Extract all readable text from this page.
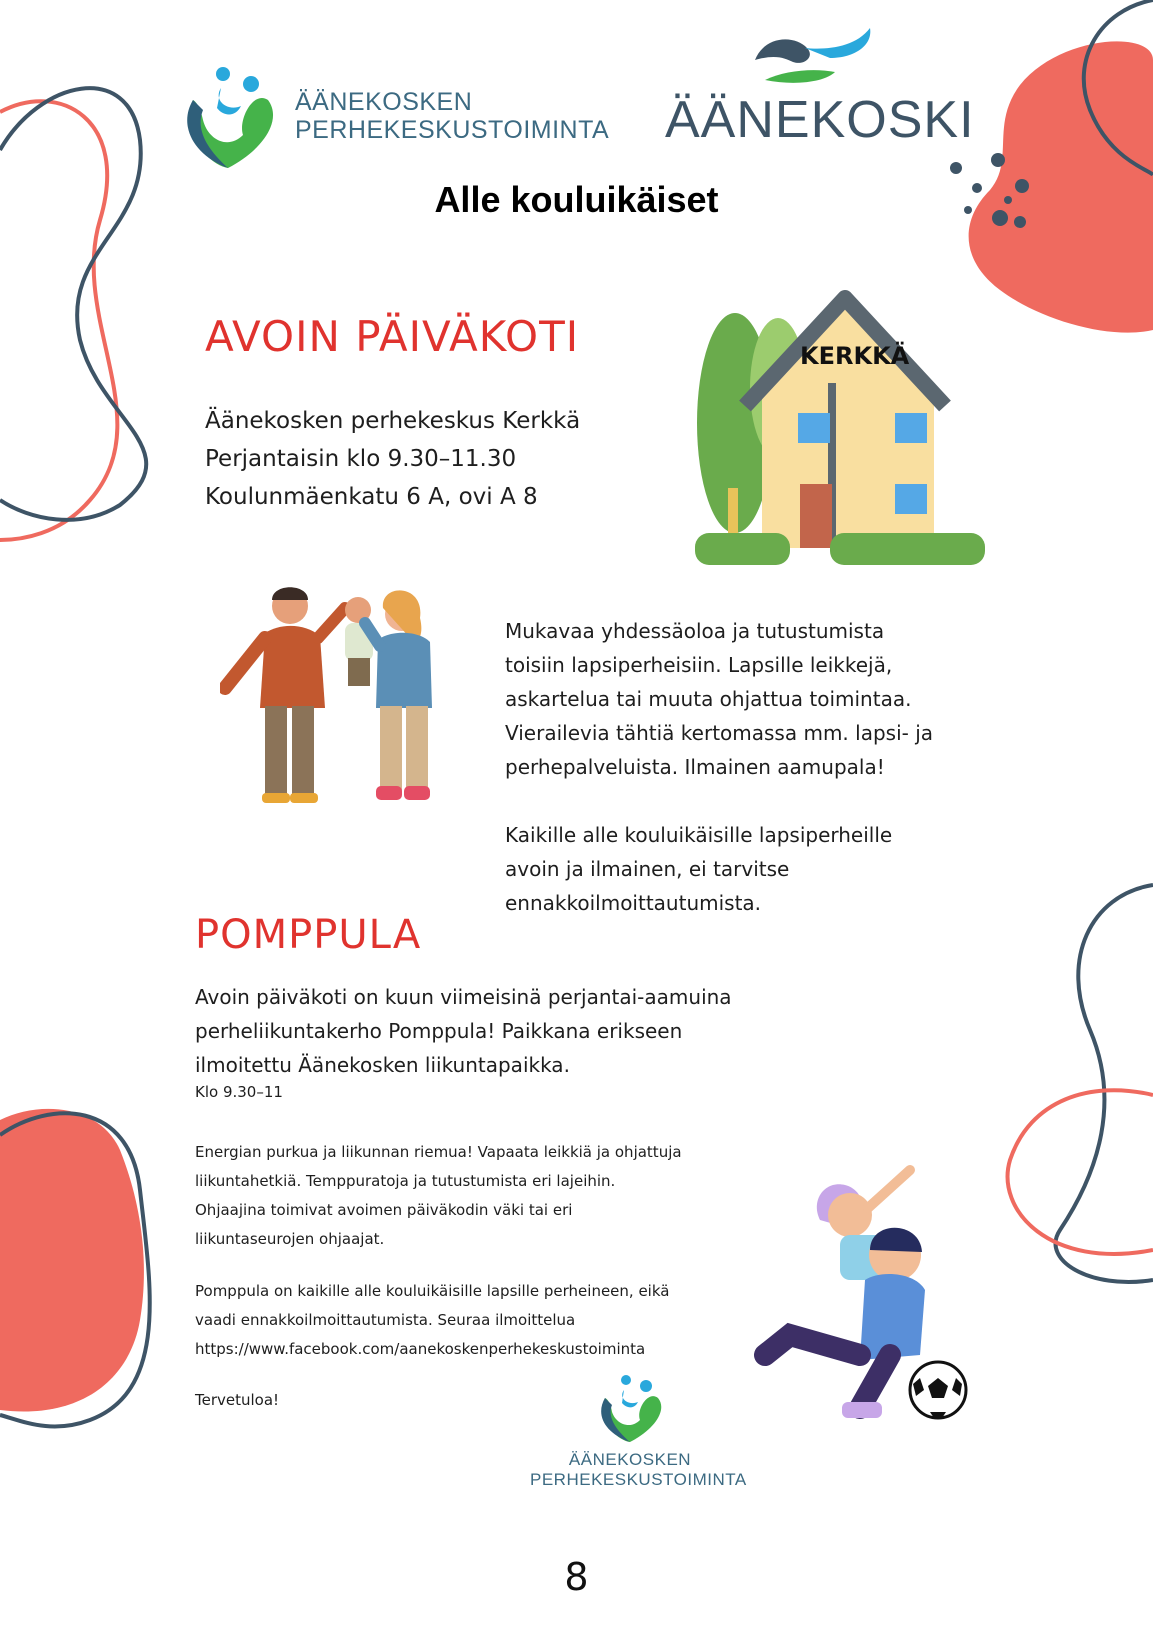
ÄÄNEKOSKEN
PERHEKESKUSTOIMINTA ÄÄNEKOSKI
Alle kouluikäiset
AVOIN PÄIVÄKOTI

Äänekosken perhekeskus Kerkkä

Perjantaisin klo 9.30–11.30

Koulunmäenkatu 6 A, ovi A 8

KERKKÄ

Mukavaa yhdessäoloa ja tutustumista

toisiin lapsiperheisiin. Lapsille leikkejä,

askartelua tai muuta ohjattua toimintaa.

Vierailevia tähtiä kertomassa mm. lapsi- ja

perhepalveluista. Ilmainen aamupala!

Kaikille alle kouluikäisille lapsiperheille

avoin ja ilmainen, ei tarvitse

ennakkoilmoittautumista.

POMPPULA

Avoin päiväkoti on kuun viimeisinä perjantai-aamuina

perheliikuntakerho Pomppula! Paikkana erikseen

ilmoitettu Äänekosken liikuntapaikka.

Klo 9.30–11

Energian purkua ja liikunnan riemua! Vapaata leikkiä ja ohjattuja

liikuntahetkiä. Temppuratoja ja tutustumista eri lajeihin.

Ohjaajina toimivat avoimen päiväkodin väki tai eri

liikuntaseurojen ohjaajat.

Pomppula on kaikille alle kouluikäisille lapsille perheineen, eikä

vaadi ennakkoilmoittautumista. Seuraa ilmoittelua

https://www.facebook.com/aanekoskenperhekeskustoiminta

Tervetuloa!
ÄÄNEKOSKEN
PERHEKESKUSTOIMINTA
8
